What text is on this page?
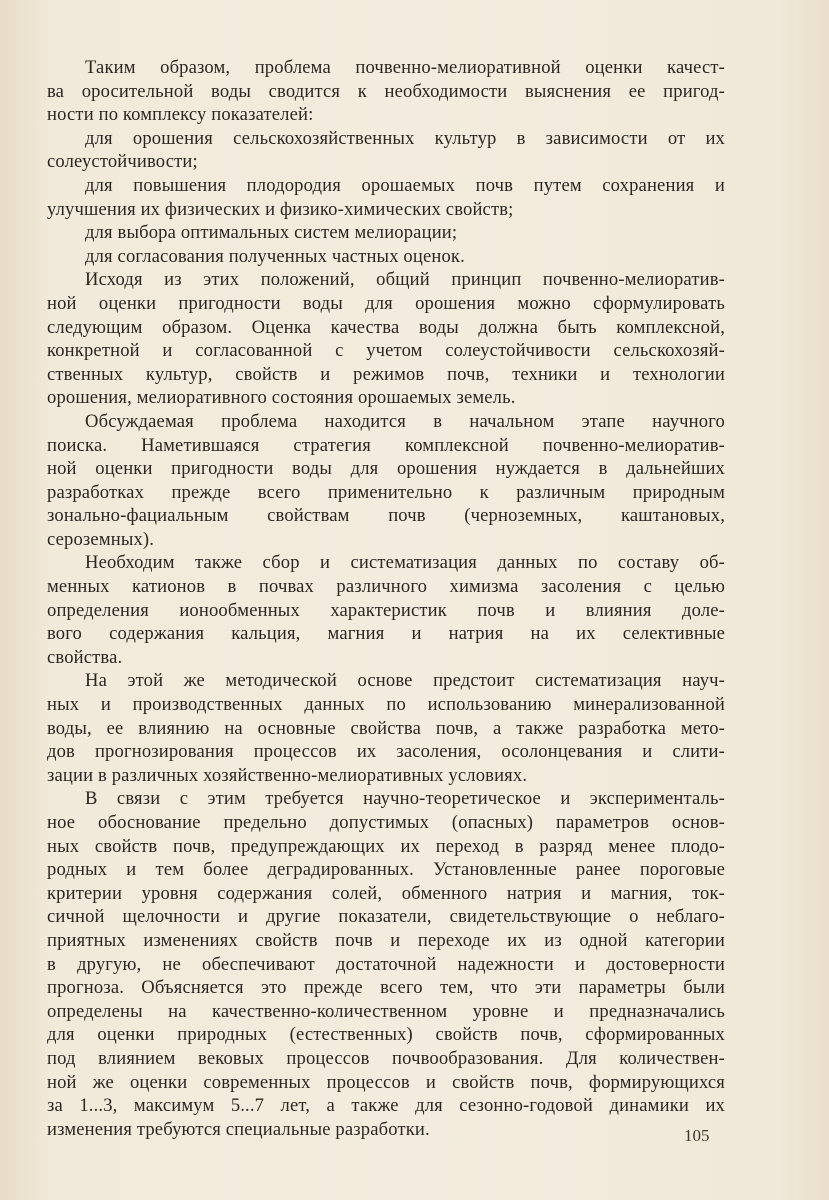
Таким образом, проблема почвенно-мелиоративной оценки качест-
ва оросительной воды сводится к необходимости выяснения ее пригод-
ности по комплексу показателей:
для орошения сельскохозяйственных культур в зависимости от их
солеустойчивости;
для повышения плодородия орошаемых почв путем сохранения и
улучшения их физических и физико-химических свойств;
для выбора оптимальных систем мелиорации;
для согласования полученных частных оценок.
Исходя из этих положений, общий принцип почвенно-мелиоратив-
ной оценки пригодности воды для орошения можно сформулировать
следующим образом. Оценка качества воды должна быть комплексной,
конкретной и согласованной с учетом солеустойчивости сельскохозяй-
ственных культур, свойств и режимов почв, техники и технологии
орошения, мелиоративного состояния орошаемых земель.
Обсуждаемая проблема находится в начальном этапе научного
поиска. Наметившаяся стратегия комплексной почвенно-мелиоратив-
ной оценки пригодности воды для орошения нуждается в дальнейших
разработках прежде всего применительно к различным природным
зонально-фациальным свойствам почв (черноземных, каштановых,
сероземных).
Необходим также сбор и систематизация данных по составу об-
менных катионов в почвах различного химизма засоления с целью
определения ионообменных характеристик почв и влияния доле-
вого содержания кальция, магния и натрия на их селективные
свойства.
На этой же методической основе предстоит систематизация науч-
ных и производственных данных по использованию минерализованной
воды, ее влиянию на основные свойства почв, а также разработка мето-
дов прогнозирования процессов их засоления, осолонцевания и слити-
зации в различных хозяйственно-мелиоративных условиях.
В связи с этим требуется научно-теоретическое и эксперименталь-
ное обоснование предельно допустимых (опасных) параметров основ-
ных свойств почв, предупреждающих их переход в разряд менее плодо-
родных и тем более деградированных. Установленные ранее пороговые
критерии уровня содержания солей, обменного натрия и магния, ток-
сичной щелочности и другие показатели, свидетельствующие о неблаго-
приятных изменениях свойств почв и переходе их из одной категории
в другую, не обеспечивают достаточной надежности и достоверности
прогноза. Объясняется это прежде всего тем, что эти параметры были
определены на качественно-количественном уровне и предназначались
для оценки природных (естественных) свойств почв, сформированных
под влиянием вековых процессов почвообразования. Для количествен-
ной же оценки современных процессов и свойств почв, формирующихся
за 1...3, максимум 5...7 лет, а также для сезонно-годовой динамики их
изменения требуются специальные разработки.	105
